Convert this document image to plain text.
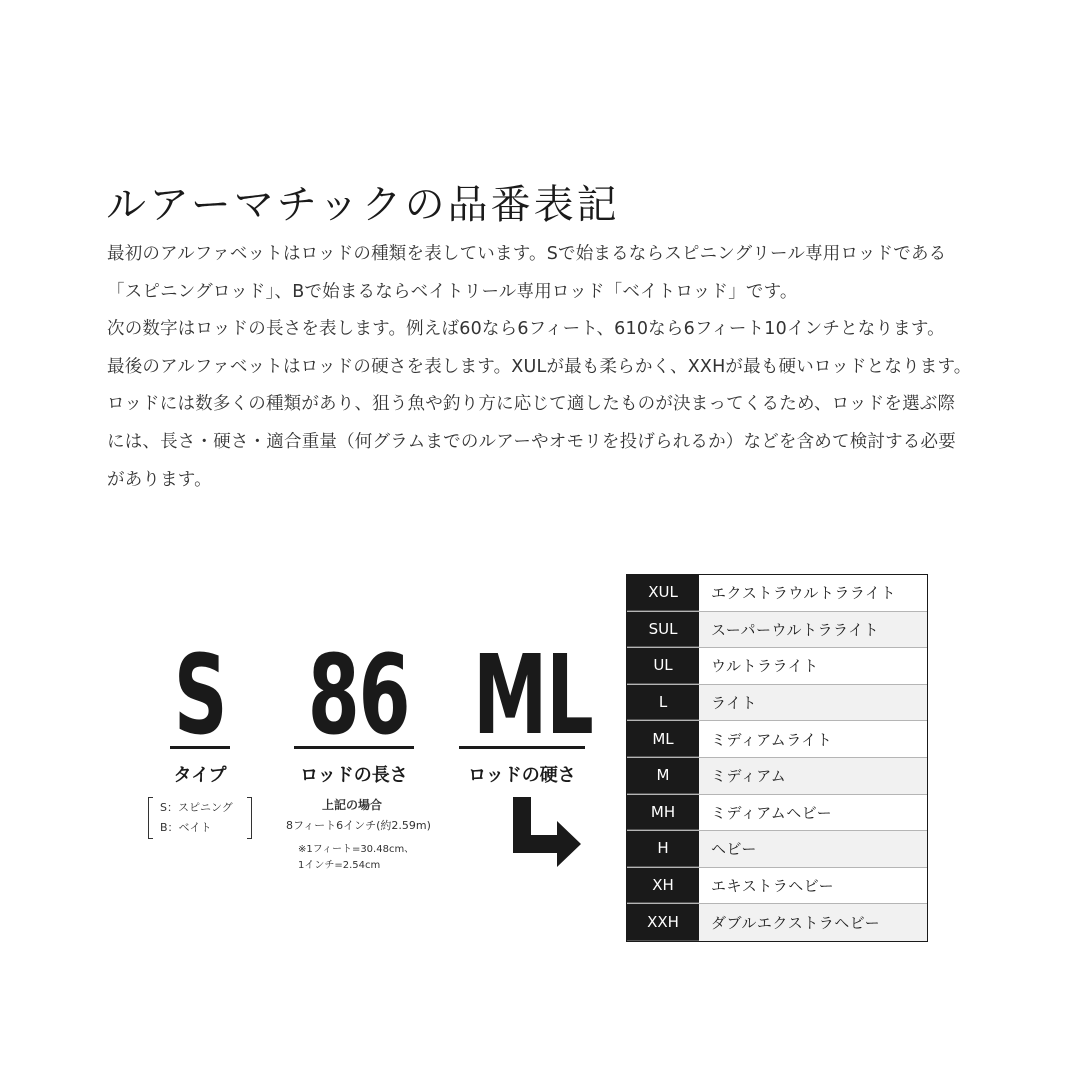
ルアーマチックの品番表記
最初のアルファベットはロッドの種類を表しています。Sで始まるならスピニングリール専用ロッドである
「スピニングロッド」、Bで始まるならベイトリール専用ロッド「ベイトロッド」です。
次の数字はロッドの長さを表します。例えば60なら6フィート、610なら6フィート10インチとなります。
最後のアルファベットはロッドの硬さを表します。XULが最も柔らかく、XXHが最も硬いロッドとなります。
ロッドには数多くの種類があり、狙う魚や釣り方に応じて適したものが決まってくるため、ロッドを選ぶ際
には、長さ・硬さ・適合重量（何グラムまでのルアーやオモリを投げられるか）などを含めて検討する必要
があります。
S
タイプ
S：スピニング
B：ベイト
86
ロッドの長さ
上記の場合
8フィート6インチ(約2.59m)
※1フィート=30.48cm、
1インチ=2.54cm
ML
ロッドの硬さ
XUL	エクストラウルトラライト
SUL	スーパーウルトラライト
UL	ウルトラライト
L	ライト
ML	ミディアムライト
M	ミディアム
MH	ミディアムヘビー
H	ヘビー
XH	エキストラヘビー
XXH	ダブルエクストラヘビー
